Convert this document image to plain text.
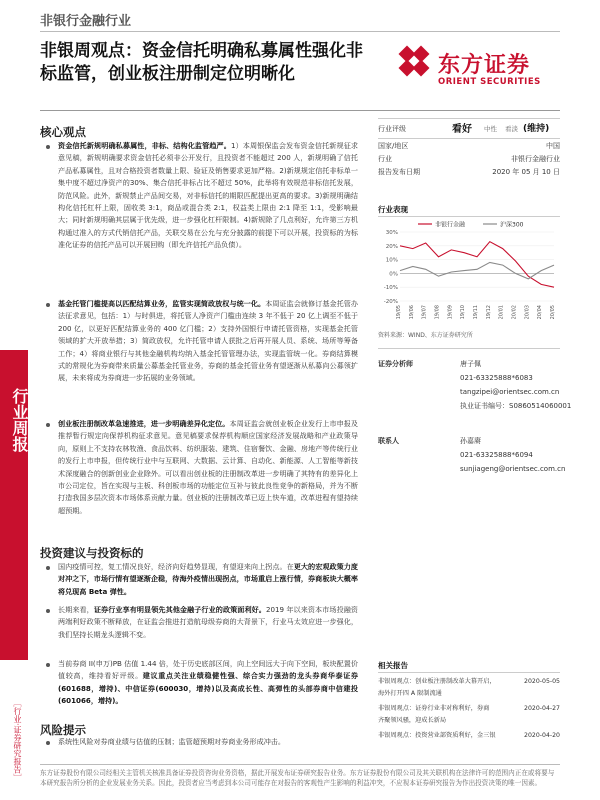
非银行金融行业
非银周观点：资金信托明确私募属性强化非标监管，创业板注册制定位明晰化	东方证券
ORIENT SECURITIES
行业周报
［行业·证券研究报告］
核心观点
资金信托新规明确私募属性，非标、结构化监管趋严。1）本周银保监会发布资金信托新规征求意见稿，新规明确要求资金信托必须非公开发行，且投资者不能超过 200 人，新规明确了信托产品私募属性，且对合格投资者数量上限、验证及销售要求更加严格。2)新规规定信托非标单一集中度不超过净资产的30%、集合信托非标占比不超过 50%，此举将有效规范非标信托发展，防范风险。此外，新规禁止产品间交易，对非标信托的期限匹配提出更高的要求。3)新规明确结构化信托杠杆上限，固收类 3:1，商品或混合类 2:1，权益类上限由 2:1 降至 1:1，受影响最大；同时新规明确其层属于优先级，进一步强化杠杆限制。4)新规除了几点利好，允许第三方机构通过准入的方式代销信托产品，关联交易在公允与充分披露的前提下可以开展，投资标的为标准化证券的信托产品可以开展回购（即允许信托产品负债）。
基金托管门槛提高以匹配结算业务，监管实现简政放权与统一化。本周证监会就修订基金托管办法征求意见，包括：1）与时俱进，将托管人净资产门槛由连续 3 年不低于 20 亿上调至不低于 200 亿，以更好匹配结算业务的 400 亿门槛；2）支持外国银行申请托管资格，实现基金托管领域的扩大开放举措；3）简政放权，允许托管申请人获批之后再开展人员、系统、场所等筹备工作；4）将商业银行与其他金融机构均纳入基金托管管理办法，实现监管统一化。券商结算模式的常规化为券商带来质量公募基金托管业务，券商的基金托管业务有望逐渐从私募向公募领扩展，未来将成为券商进一步拓展的业务领域。
创业板注册制改革急速推进，进一步明确差异化定位。本周证监会就创业板企业发行上市申报及推荐暂行规定向保荐机构征求意见。意见稿要求保荐机构顺应国家经济发展战略和产业政策导向，原则上不支持农林牧渔、食品饮料、纺织服装、建筑、住宿餐饮、金融、房地产等传统行业的发行上市申报，但传统行业中与互联网、大数据、云计算、自动化、新能源、人工智能等新技术深度融合的创新创业企业除外。可以看出创业板的注册制改革进一步明确了其特有的差异化上市公司定位，旨在实现与主板、科创板市场的功能定位互补与彼此良性竞争的新格局，并为不断打造我国多层次资本市场体系贡献力量。创业板的注册制改革已迈上快车道，改革进程有望持续超预期。
投资建议与投资标的
国内疫情可控，复工情况良好，经济向好趋势显现，有望迎来向上拐点。在更大的宏观政策力度对冲之下，市场行情有望逐渐企稳，待海外疫情出现拐点，市场重启上涨行情，券商板块大概率将兑现高 Beta 弹性。
长期来看，证券行业享有明显领先其他金融子行业的政策面利好。2019 年以来资本市场投融资两端利好政策不断释放，在证监会推进打造航母级券商的大背景下，行业马太效应进一步强化，我们坚持长期龙头逻辑不变。
当前券商 II(申万)PB 估值 1.44 倍，处于历史底部区间，向上空间远大于向下空间，板块配置价值较高，维持看好评级。建议重点关注业绩稳健性强、综合实力强劲的龙头券商华泰证券(601688，增持)、中信证券(600030，增持)以及高成长性、高弹性的头部券商中信建投(601066，增持)。
风险提示
系统性风险对券商业绩与估值的压制；监管超预期对券商业务形成冲击。
行业评级	看好 中性 看淡 (维持)
国家/地区	中国
行业	非银行金融行业
报告发布日期	2020 年 05 月 10 日
行业表现
非银行金融	沪深300
30%
20%
10%
0%
-10%
-20%
19/05 19/06 19/07 19/08 19/09 19/10 19/11 19/12 20/01 20/02 20/03 20/04 20/05
资料来源：WIND、东方证券研究所
证券分析师	唐子佩
021-63325888*6083
tangzipei@orientsec.com.cn
执业证书编号：S0860514060001
联系人	孙嘉赓
021-63325888*6094
sunjiageng@orientsec.com.cn
相关报告
非银周观点：创业板注册制改革大幕开启，	2020-05-05
海外打开四 A 限制流通
非银周观点：证券行业非对称利好，券商	2020-04-27
齐聚领风骚，迎成长新局
非银周观点：投资营业部资质利好，金三银	2020-04-20
东方证券股份有限公司经相关主管机关核准具备证券投资咨询业务资格，据此开展发布证券研究报告业务。东方证券股份有限公司及其关联机构在法律许可的范围内正在或将要与本研究报告所分析的企业发展业务关系。因此，投资者应当考虑到本公司可能存在对报告的客观性产生影响的利益冲突，不应视本证券研究报告为作出投资决策的唯一因素。
